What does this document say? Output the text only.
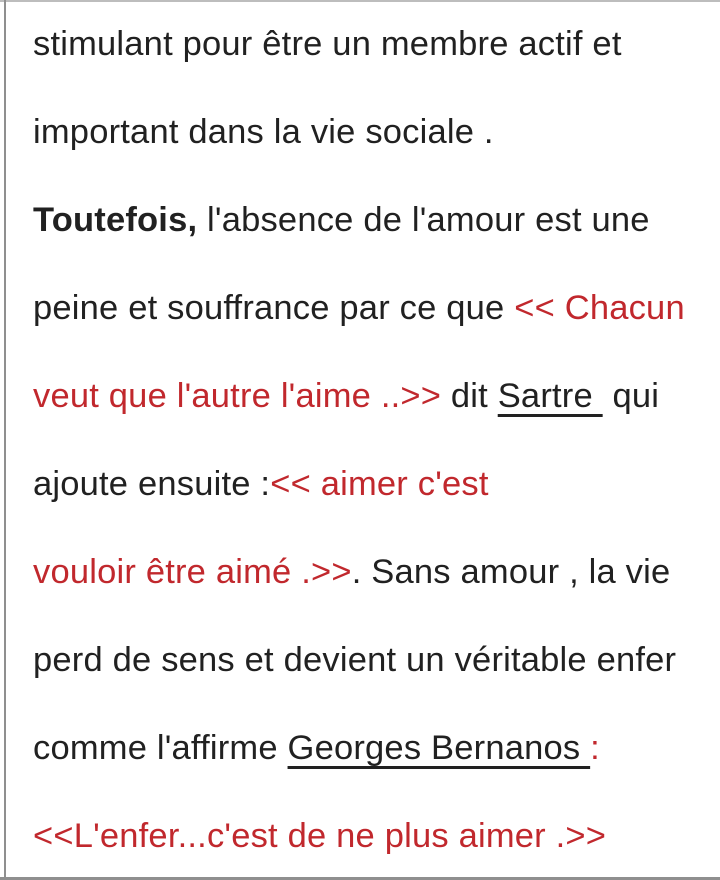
stimulant pour être un membre actif et
important dans la vie sociale .
Toutefois, l'absence de l'amour est une
peine et souffrance par ce que << Chacun
veut que l'autre l'aime ..>> dit Sartre  qui
ajoute ensuite :<< aimer c'est
vouloir être aimé .>>. Sans amour , la vie
perd de sens et devient un véritable enfer
comme l'affirme Georges Bernanos :
<<L'enfer...c'est de ne plus aimer .>>
